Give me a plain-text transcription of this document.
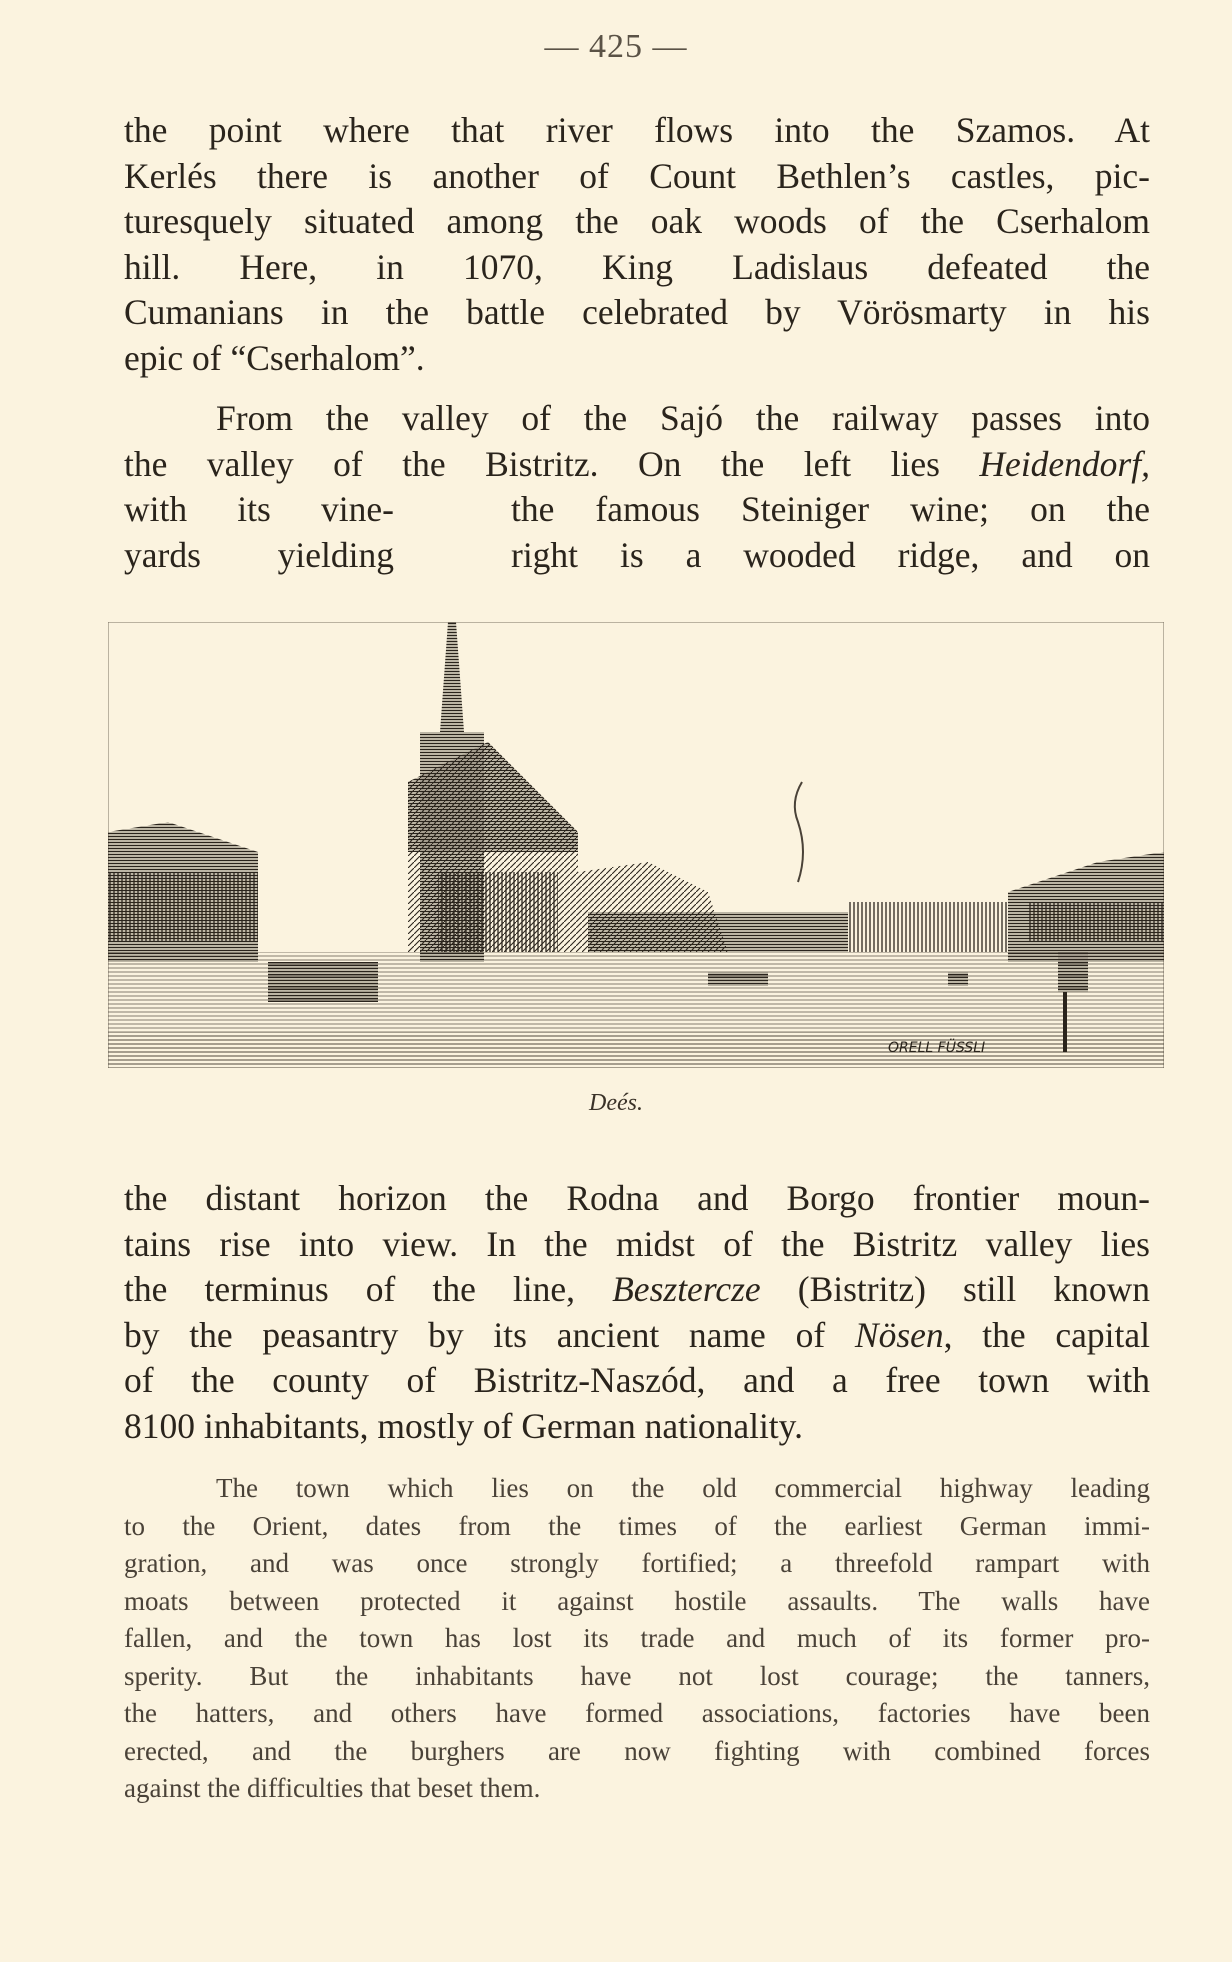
— 425 —
the point where that river flows into the Szamos. At
Kerlés there is another of Count Bethlen’s castles, pic-
turesquely situated among the oak woods of the Cserhalom
hill. Here, in 1070, King Ladislaus defeated the
Cumanians in the battle celebrated by Vörösmarty in his
epic of “Cserhalom”.
From the valley of the Sajó the railway passes into
the valley of the Bistritz. On the left lies Heidendorf,
with its vine-
yards yielding
the famous Steiniger wine; on the
right is a wooded ridge, and on
ORELL FÜSSLI
Deés.
the distant horizon the Rodna and Borgo frontier moun-
tains rise into view. In the midst of the Bistritz valley lies
the terminus of the line, Besztercze (Bistritz) still known
by the peasantry by its ancient name of Nösen, the capital
of the county of Bistritz-Naszód, and a free town with
8100 inhabitants, mostly of German nationality.
The town which lies on the old commercial highway leading
to the Orient, dates from the times of the earliest German immi-
gration, and was once strongly fortified; a threefold rampart with
moats between protected it against hostile assaults. The walls have
fallen, and the town has lost its trade and much of its former pro-
sperity. But the inhabitants have not lost courage; the tanners,
the hatters, and others have formed associations, factories have been
erected, and the burghers are now fighting with combined forces
against the difficulties that beset them.
